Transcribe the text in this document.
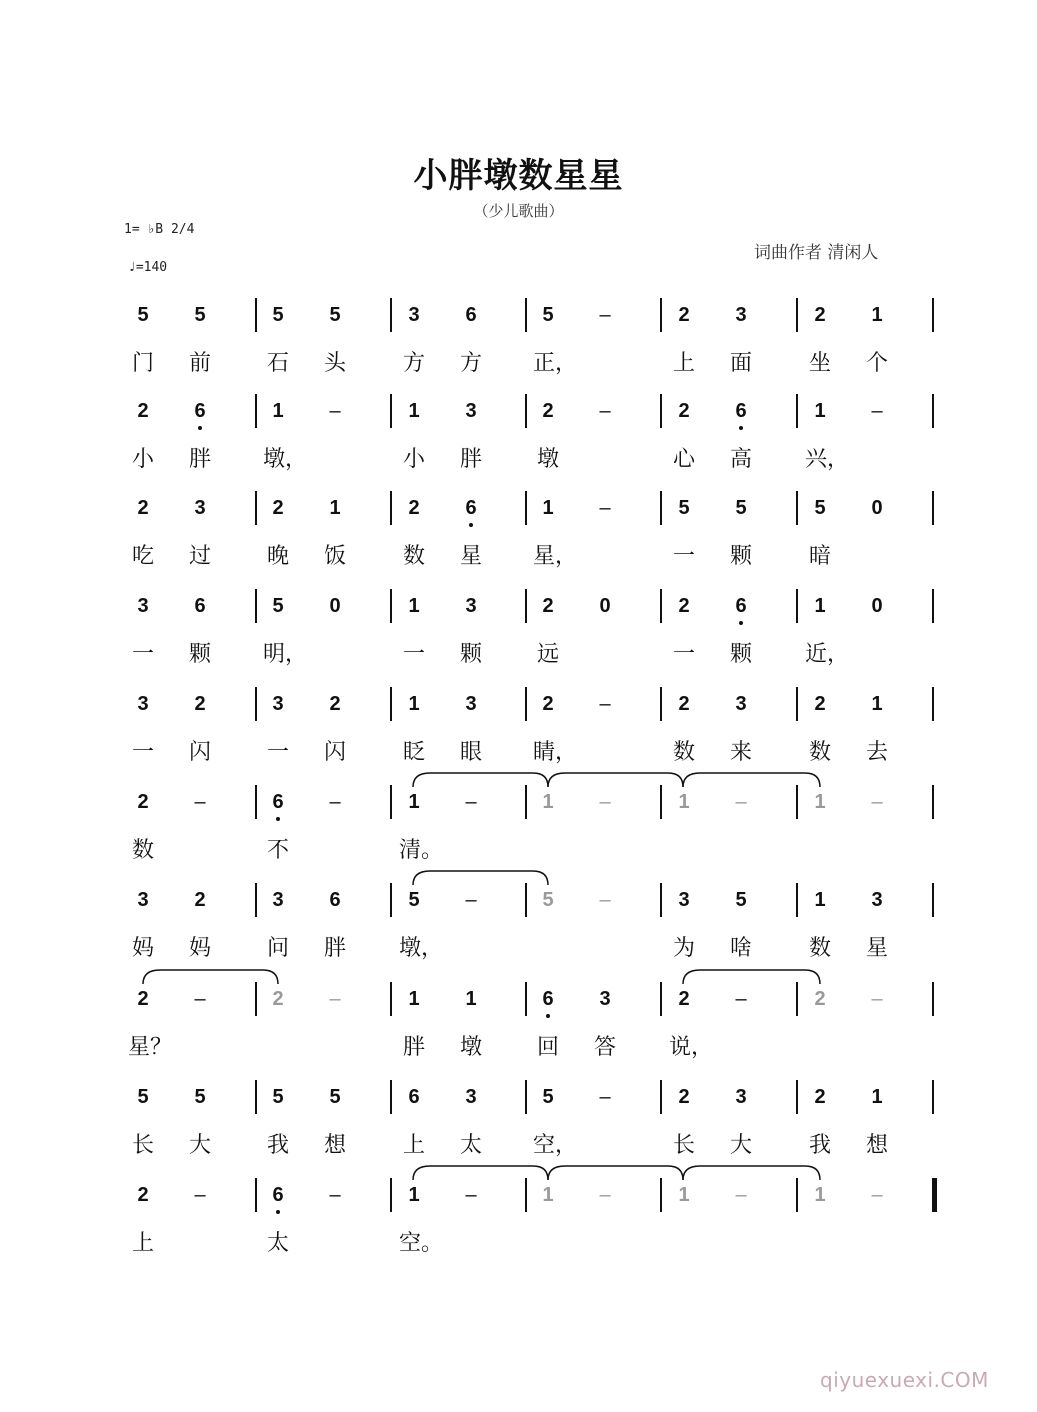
小胖墩数星星
（少儿歌曲）
1= ♭B 2/4
♩=140
词曲作者 清闲人
5	5	5	5	3	6	5	–	2	3	2	1
门 前	石 头	方 方 正，	上 面	坐 个
2	6	1	–	1	3	2	–	2	6	1	–
小 胖 墩，	小 胖 墩	心 高 兴，
2	3	2	1	2	6	1	–	5	5	5	0
吃 过	晚 饭	数 星 星，	一 颗	暗
3	6	5	0	1	3	2	0	2	6	1	0
一 颗 明，	一 颗 远	一 颗 近，
3	2	3	2	1	3	2	–	2	3	2	1
一 闪	一 闪	眨 眼 睛，	数 来	数 去
2	–	6	–	1	–	1	–	1	–	1	–
数	不	清。
3	2	3	6	5	–	5	–	3	5	1	3
妈 妈	问 胖 墩，	为 啥	数 星
2	–	2	–	1	1	6	3	2	–	2	–
星？	胖 墩 回 答 说，
5	5	5	5	6	3	5	–	2	3	2	1
长 大	我 想	上 太 空，	长 大	我 想
2	–	6	–	1	–	1	–	1	–	1	–
上	太	空。
qiyuexuexi.COM
